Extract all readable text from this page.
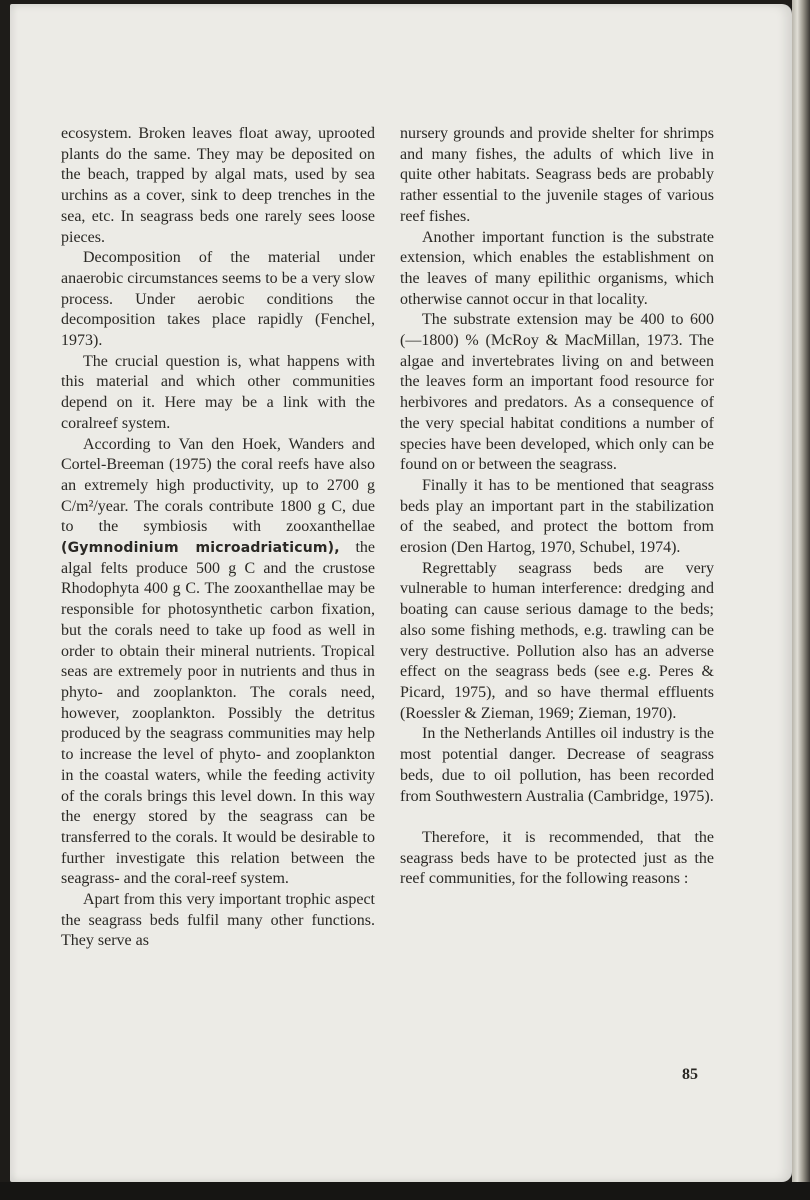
ecosystem. Broken leaves float away, uprooted plants do the same. They may be deposited on the beach, trapped by algal mats, used by sea urchins as a cover, sink to deep trenches in the sea, etc. In seagrass beds one rarely sees loose pieces.

Decomposition of the material under anaerobic circumstances seems to be a very slow process. Under aerobic conditions the decomposition takes place rapidly (Fenchel, 1973).

The crucial question is, what happens with this material and which other communities depend on it. Here may be a link with the coralreef system.

According to Van den Hoek, Wanders and Cortel-Breeman (1975) the coral reefs have also an extremely high productivity, up to 2700 g C/m²/year. The corals contribute 1800 g C, due to the symbiosis with zooxanthellae (Gymnodinium microadriaticum), the algal felts produce 500 g C and the crustose Rhodophyta 400 g C. The zooxanthellae may be responsible for photosynthetic carbon fixation, but the corals need to take up food as well in order to obtain their mineral nutrients. Tropical seas are extremely poor in nutrients and thus in phyto- and zooplankton. The corals need, however, zooplankton. Possibly the detritus produced by the seagrass communities may help to increase the level of phyto- and zooplankton in the coastal waters, while the feeding activity of the corals brings this level down. In this way the energy stored by the seagrass can be transferred to the corals. It would be desirable to further investigate this relation between the seagrass- and the coral-reef system.

Apart from this very important trophic aspect the seagrass beds fulfil many other functions. They serve as

nursery grounds and provide shelter for shrimps and many fishes, the adults of which live in quite other habitats. Seagrass beds are probably rather essential to the juvenile stages of various reef fishes.

Another important function is the substrate extension, which enables the establishment on the leaves of many epilithic organisms, which otherwise cannot occur in that locality.

The substrate extension may be 400 to 600 (—1800) % (McRoy & MacMillan, 1973. The algae and invertebrates living on and between the leaves form an important food resource for herbivores and predators. As a consequence of the very special habitat conditions a number of species have been developed, which only can be found on or between the seagrass.

Finally it has to be mentioned that seagrass beds play an important part in the stabilization of the seabed, and protect the bottom from erosion (Den Hartog, 1970, Schubel, 1974).

Regrettably seagrass beds are very vulnerable to human interference: dredging and boating can cause serious damage to the beds; also some fishing methods, e.g. trawling can be very destructive. Pollution also has an adverse effect on the seagrass beds (see e.g. Peres & Picard, 1975), and so have thermal effluents (Roessler & Zieman, 1969; Zieman, 1970).

In the Netherlands Antilles oil industry is the most potential danger. Decrease of seagrass beds, due to oil pollution, has been recorded from Southwestern Australia (Cambridge, 1975).

Therefore, it is recommended, that the seagrass beds have to be protected just as the reef communities, for the following reasons :

85
